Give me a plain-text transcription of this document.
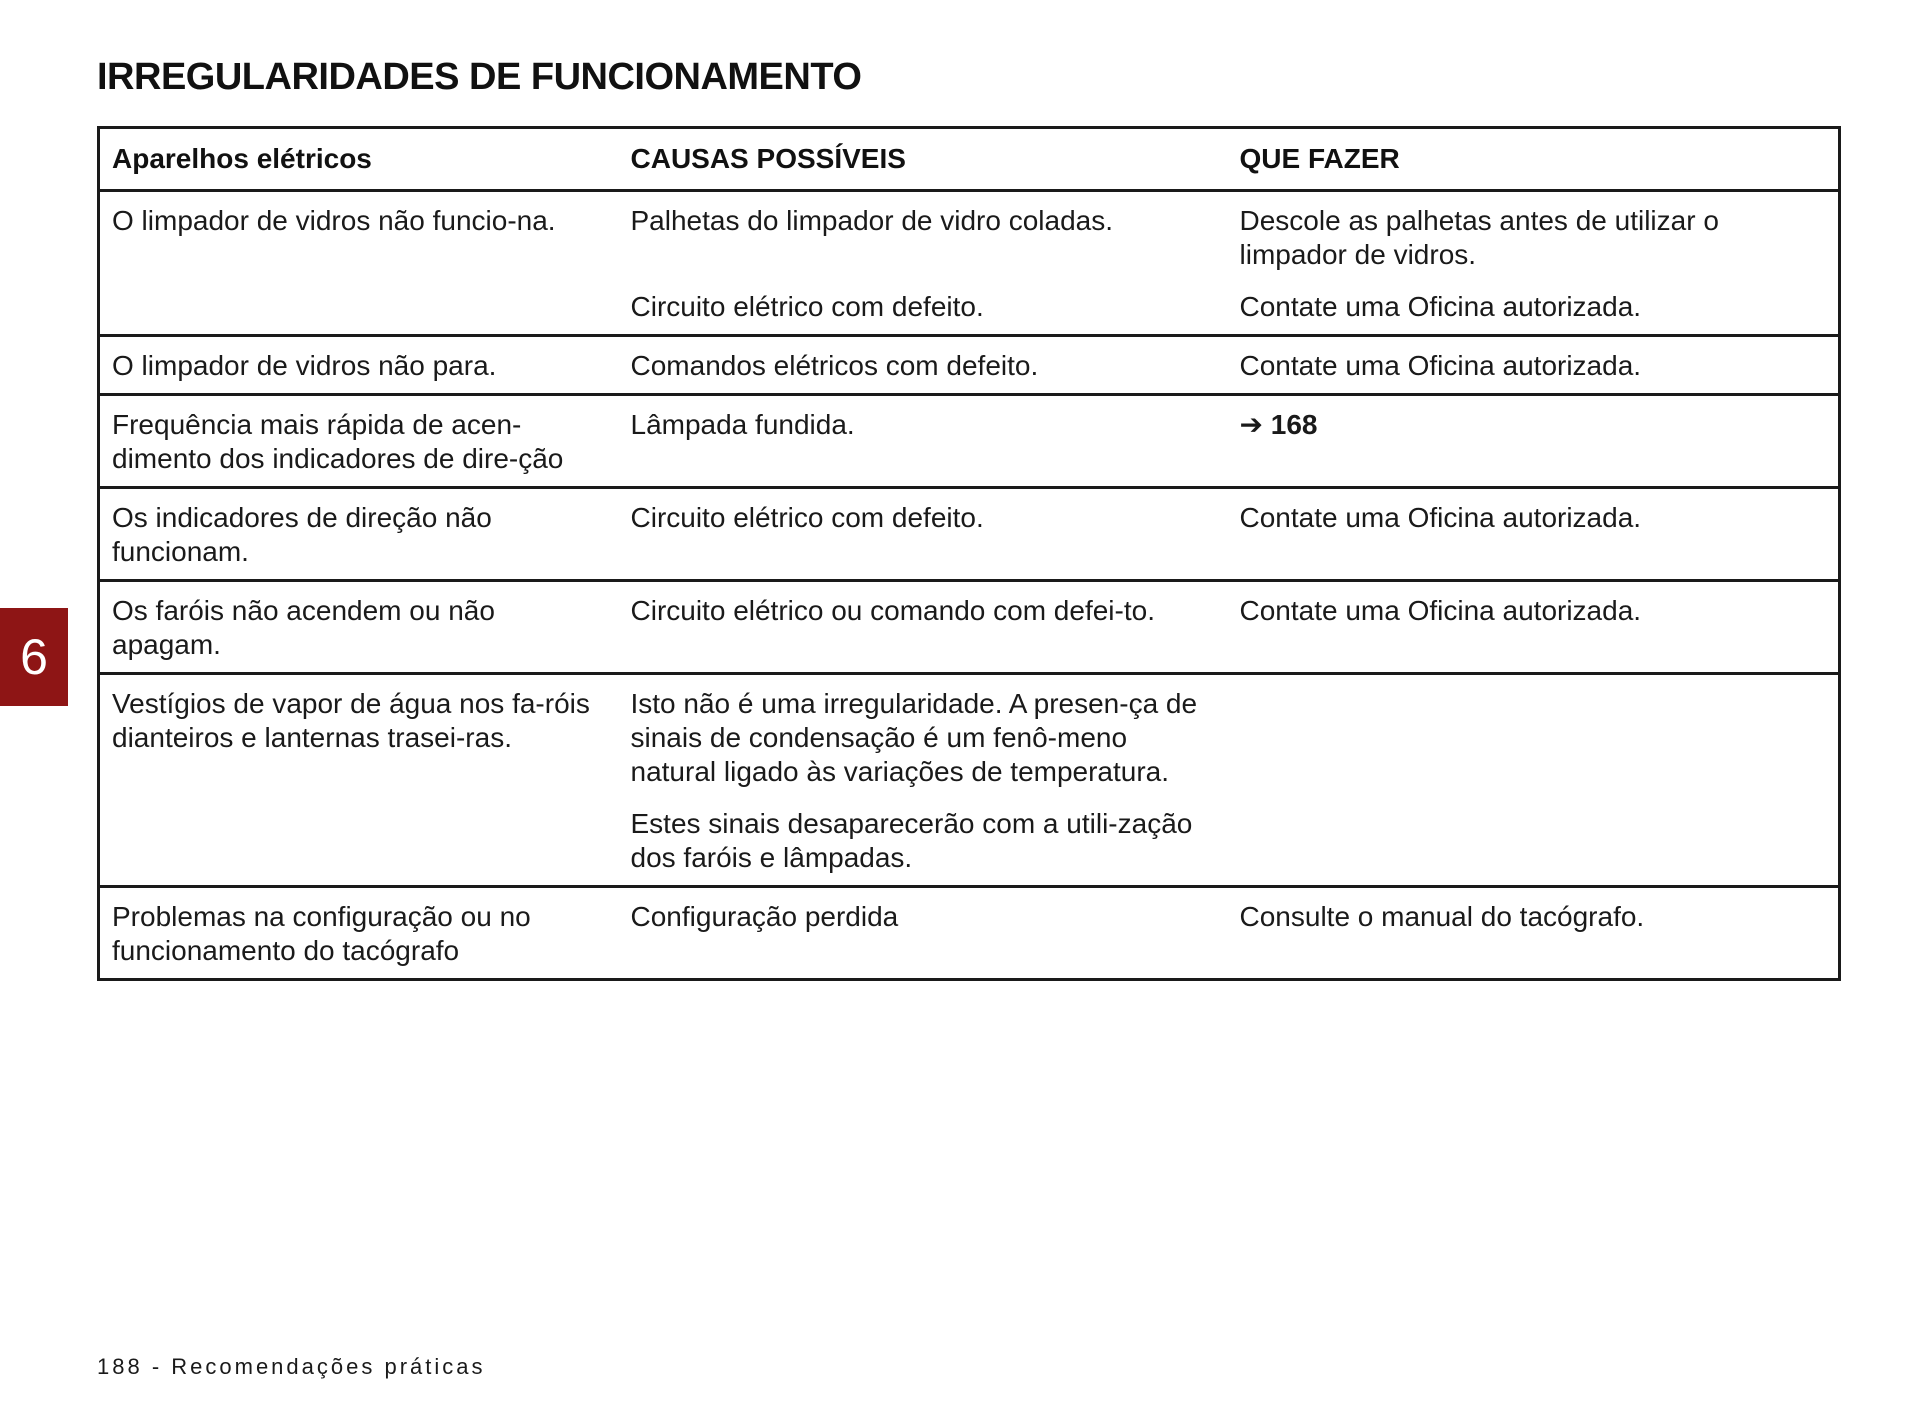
IRREGULARIDADES DE FUNCIONAMENTO
Aparelhos elétricos	CAUSAS POSSÍVEIS	QUE FAZER
O limpador de vidros não funcio-na.	Palhetas do limpador de vidro coladas.	Descole as palhetas antes de utilizar o limpador de vidros.
	Circuito elétrico com defeito.	Contate uma Oficina autorizada.
O limpador de vidros não para.	Comandos elétricos com defeito.	Contate uma Oficina autorizada.
Frequência mais rápida de acen-dimento dos indicadores de dire-ção	Lâmpada fundida.	➔ 168
Os indicadores de direção não funcionam.	Circuito elétrico com defeito.	Contate uma Oficina autorizada.
Os faróis não acendem ou não apagam.	Circuito elétrico ou comando com defei-to.	Contate uma Oficina autorizada.
Vestígios de vapor de água nos fa-róis dianteiros e lanternas trasei-ras.	Isto não é uma irregularidade. A presen-ça de sinais de condensação é um fenô-meno natural ligado às variações de temperatura.	
	Estes sinais desaparecerão com a utili-zação dos faróis e lâmpadas.	
Problemas na configuração ou no funcionamento do tacógrafo	Configuração perdida	Consulte o manual do tacógrafo.
6
188 - Recomendações práticas
